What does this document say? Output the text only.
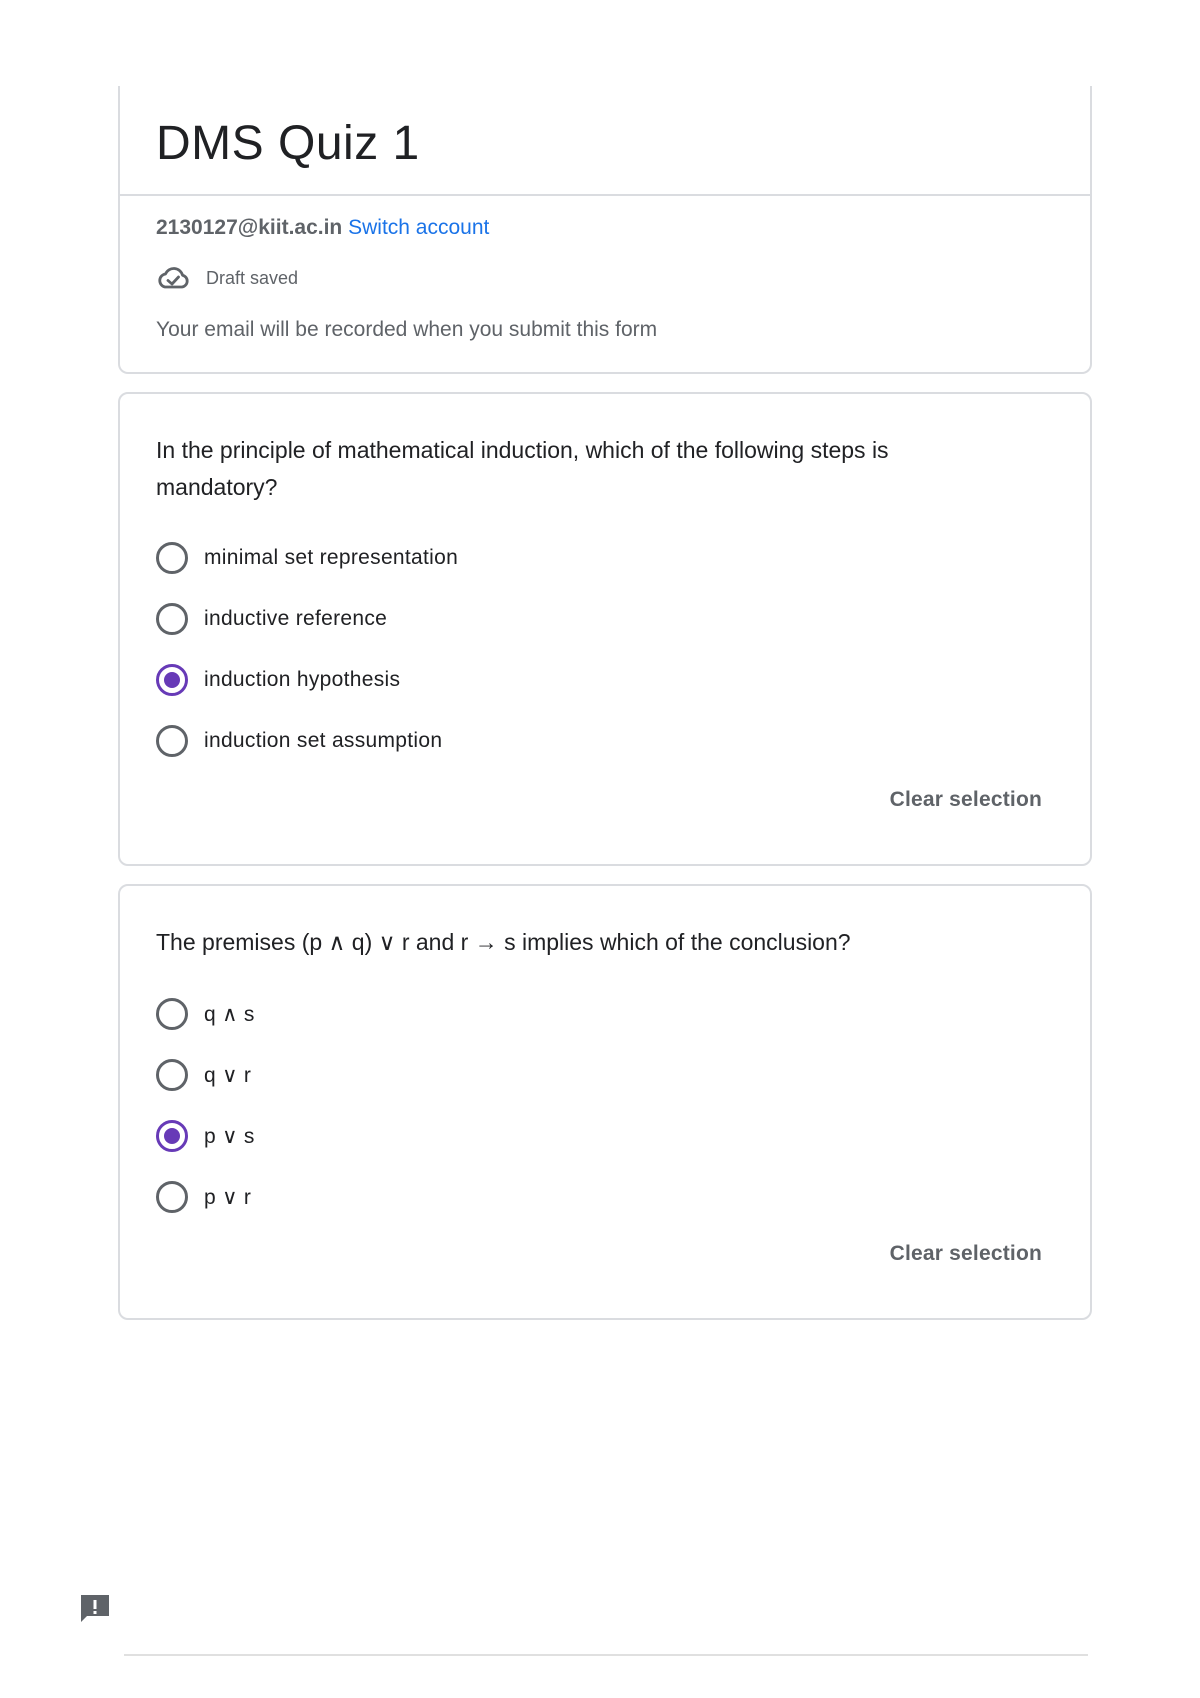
DMS Quiz 1
2130127@kiit.ac.in Switch account
Draft saved
Your email will be recorded when you submit this form
In the principle of mathematical induction, which of the following steps is mandatory?
minimal set representation
inductive reference
induction hypothesis
induction set assumption
Clear selection
The premises (p ∧ q) ∨ r and r → s implies which of the conclusion?
q ∧ s
q ∨ r
p ∨ s
p ∨ r
Clear selection
